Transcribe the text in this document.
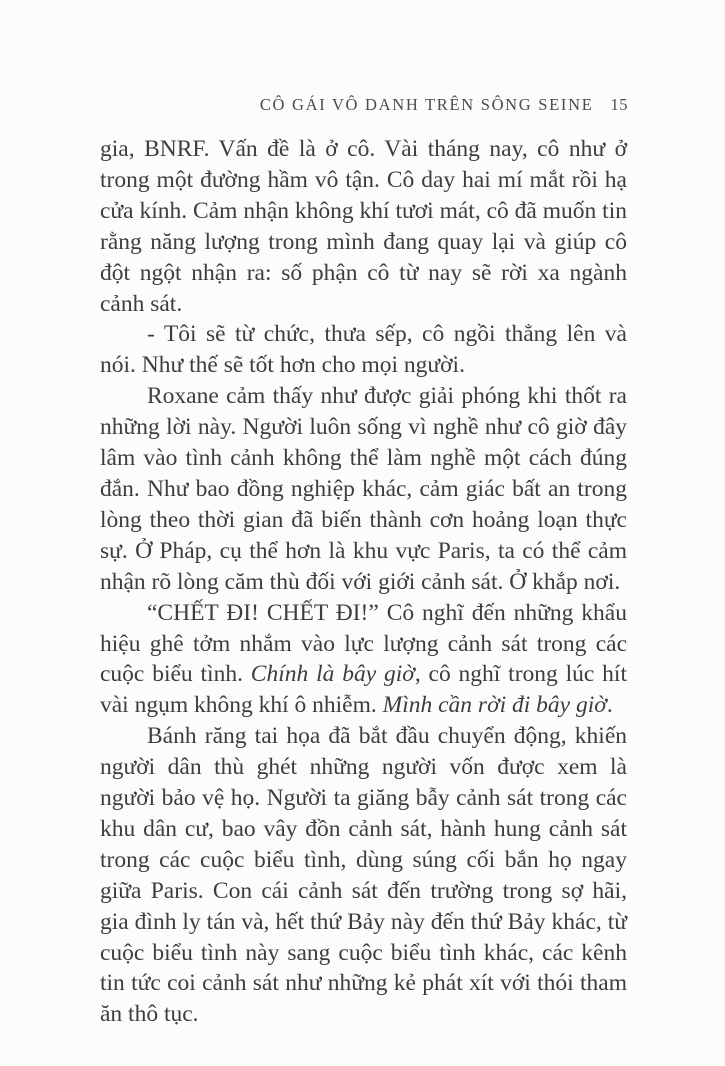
CÔ GÁI VÔ DANH TRÊN SÔNG SEINE 15

gia, BNRF. Vấn đề là ở cô. Vài tháng nay, cô như ở trong một đường hầm vô tận. Cô day hai mí mắt rồi hạ cửa kính. Cảm nhận không khí tươi mát, cô đã muốn tin rằng năng lượng trong mình đang quay lại và giúp cô đột ngột nhận ra: số phận cô từ nay sẽ rời xa ngành cảnh sát.

- Tôi sẽ từ chức, thưa sếp, cô ngồi thẳng lên và nói. Như thế sẽ tốt hơn cho mọi người.

Roxane cảm thấy như được giải phóng khi thốt ra những lời này. Người luôn sống vì nghề như cô giờ đây lâm vào tình cảnh không thể làm nghề một cách đúng đắn. Như bao đồng nghiệp khác, cảm giác bất an trong lòng theo thời gian đã biến thành cơn hoảng loạn thực sự. Ở Pháp, cụ thể hơn là khu vực Paris, ta có thể cảm nhận rõ lòng căm thù đối với giới cảnh sát. Ở khắp nơi.

“CHẾT ĐI! CHẾT ĐI!” Cô nghĩ đến những khẩu hiệu ghê tởm nhắm vào lực lượng cảnh sát trong các cuộc biểu tình. Chính là bây giờ, cô nghĩ trong lúc hít vài ngụm không khí ô nhiễm. Mình cần rời đi bây giờ.

Bánh răng tai họa đã bắt đầu chuyển động, khiến người dân thù ghét những người vốn được xem là người bảo vệ họ. Người ta giăng bẫy cảnh sát trong các khu dân cư, bao vây đồn cảnh sát, hành hung cảnh sát trong các cuộc biểu tình, dùng súng cối bắn họ ngay giữa Paris. Con cái cảnh sát đến trường trong sợ hãi, gia đình ly tán và, hết thứ Bảy này đến thứ Bảy khác, từ cuộc biểu tình này sang cuộc biểu tình khác, các kênh tin tức coi cảnh sát như những kẻ phát xít với thói tham ăn thô tục.
